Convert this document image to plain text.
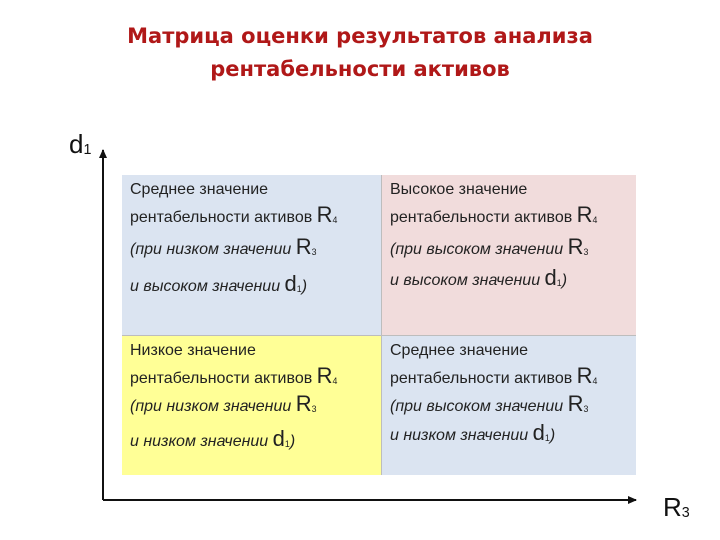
Матрица оценки результатов анализа
рентабельности активов
$d_1$
$R_3$
Среднее значение
рентабельности активов $R_4$
(при низком значении $R_3$
и высоком значении $d_1$)
Высокое значение
рентабельности активов $R_4$
(при высоком значении $R_3$
и высоком значении $d_1$)
Низкое значение
рентабельности активов $R_4$
(при низком значении $R_3$
и низком значении $d_1$)
Среднее значение
рентабельности активов $R_4$
(при высоком значении $R_3$
и низком значении $d_1$)
